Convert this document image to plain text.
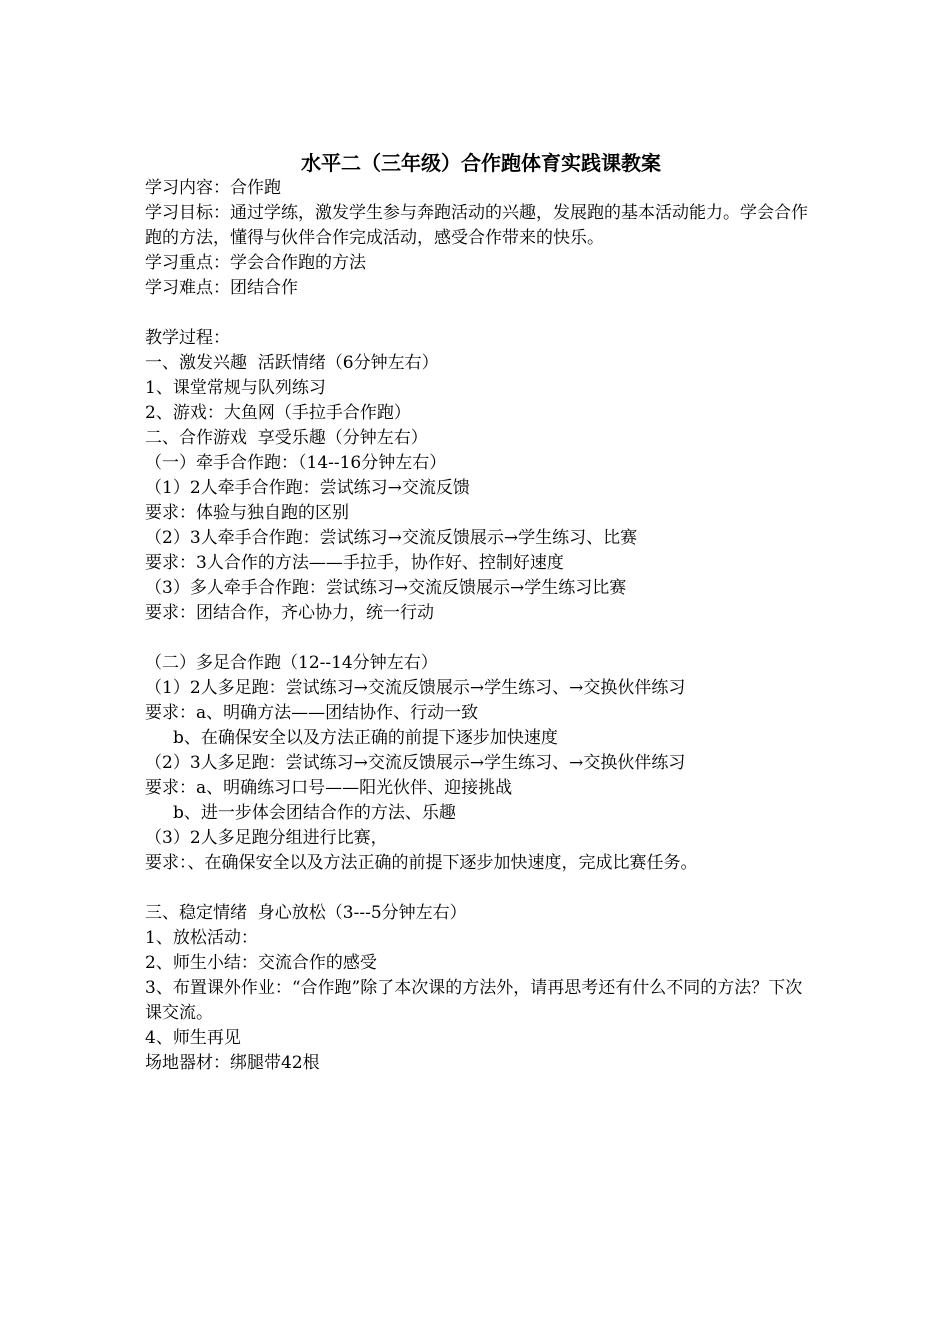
水平二（三年级）合作跑体育实践课教案
学习内容：合作跑
学习目标：通过学练，激发学生参与奔跑活动的兴趣，发展跑的基本活动能力。学会合作跑的方法，懂得与伙伴合作完成活动，感受合作带来的快乐。
学习重点：学会合作跑的方法
学习难点：团结合作
教学过程：
一、激发兴趣  活跃情绪（6分钟左右）
1、课堂常规与队列练习
2、游戏：大鱼网（手拉手合作跑）
二、合作游戏  享受乐趣（分钟左右）
（一）牵手合作跑：（14--16分钟左右）
（1）2人牵手合作跑：尝试练习→交流反馈
要求：体验与独自跑的区别
（2）3人牵手合作跑：尝试练习→交流反馈展示→学生练习、比赛
要求：3人合作的方法——手拉手，协作好、控制好速度
（3）多人牵手合作跑：尝试练习→交流反馈展示→学生练习比赛
要求：团结合作，齐心协力，统一行动
（二）多足合作跑（12--14分钟左右）
（1）2人多足跑：尝试练习→交流反馈展示→学生练习、→交换伙伴练习
要求：a、明确方法——团结协作、行动一致
b、在确保安全以及方法正确的前提下逐步加快速度
（2）3人多足跑：尝试练习→交流反馈展示→学生练习、→交换伙伴练习
要求：a、明确练习口号——阳光伙伴、迎接挑战
b、进一步体会团结合作的方法、乐趣
（3）2人多足跑分组进行比赛，
要求：、在确保安全以及方法正确的前提下逐步加快速度，完成比赛任务。
三、稳定情绪  身心放松（3---5分钟左右）
1、放松活动：
2、师生小结：交流合作的感受
3、布置课外作业：“合作跑”除了本次课的方法外，请再思考还有什么不同的方法？下次课交流。
4、师生再见
场地器材：绑腿带42根
